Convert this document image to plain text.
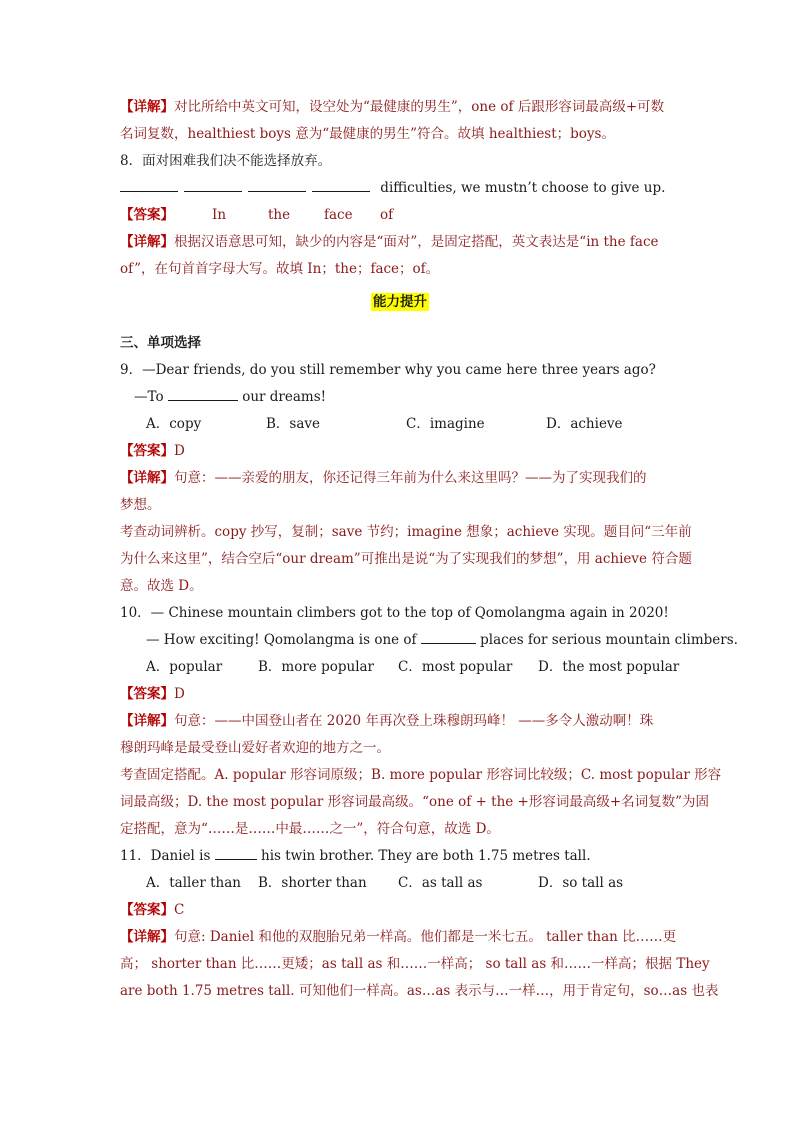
【详解】对比所给中英文可知，设空处为“最健康的男生”，one of 后跟形容词最高级+可数
名词复数，healthiest boys 意为“最健康的男生”符合。故填 healthiest；boys。
8．面对困难我们决不能选择放弃。
difficulties, we mustn’t choose to give up.
【答案】	In	the	face of
【详解】根据汉语意思可知，缺少的内容是“面对”，是固定搭配，英文表达是“in the face
of”，在句首首字母大写。故填 In；the；face；of。
能力提升
三、单项选择
9．—Dear friends, do you still remember why you came here three years ago?
—To	our dreams!
A．copy	B．save	C．imagine	D．achieve
【答案】D
【详解】句意：——亲爱的朋友，你还记得三年前为什么来这里吗？——为了实现我们的
梦想。
考查动词辨析。copy 抄写，复制；save 节约；imagine 想象；achieve 实现。题目问“三年前
为什么来这里”，结合空后“our dream”可推出是说“为了实现我们的梦想”，用 achieve 符合题
意。故选 D。
10．— Chinese mountain climbers got to the top of Qomolangma again in 2020!
— How exciting! Qomolangma is one of	places for serious mountain climbers.
A．popular	B．more popular C．most popular D．the most popular
【答案】D
【详解】句意：——中国登山者在 2020 年再次登上珠穆朗玛峰！ ——多令人激动啊！珠
穆朗玛峰是最受登山爱好者欢迎的地方之一。
考查固定搭配。A. popular 形容词原级；B. more popular 形容词比较级；C. most popular 形容
词最高级；D. the most popular 形容词最高级。“one of + the +形容词最高级+名词复数”为固
定搭配，意为“……是……中最……之一”，符合句意，故选 D。
11．Daniel is	his twin brother. They are both 1.75 metres tall.
A．taller than B．shorter than C．as tall as	D．so tall as
【答案】C
【详解】句意: Daniel 和他的双胞胎兄弟一样高。他们都是一米七五。 taller than 比……更
高； shorter than 比……更矮；as tall as 和……一样高； so tall as 和……一样高；根据 They
are both 1.75 metres tall. 可知他们一样高。as…as 表示与…一样…，用于肯定句，so…as 也表
